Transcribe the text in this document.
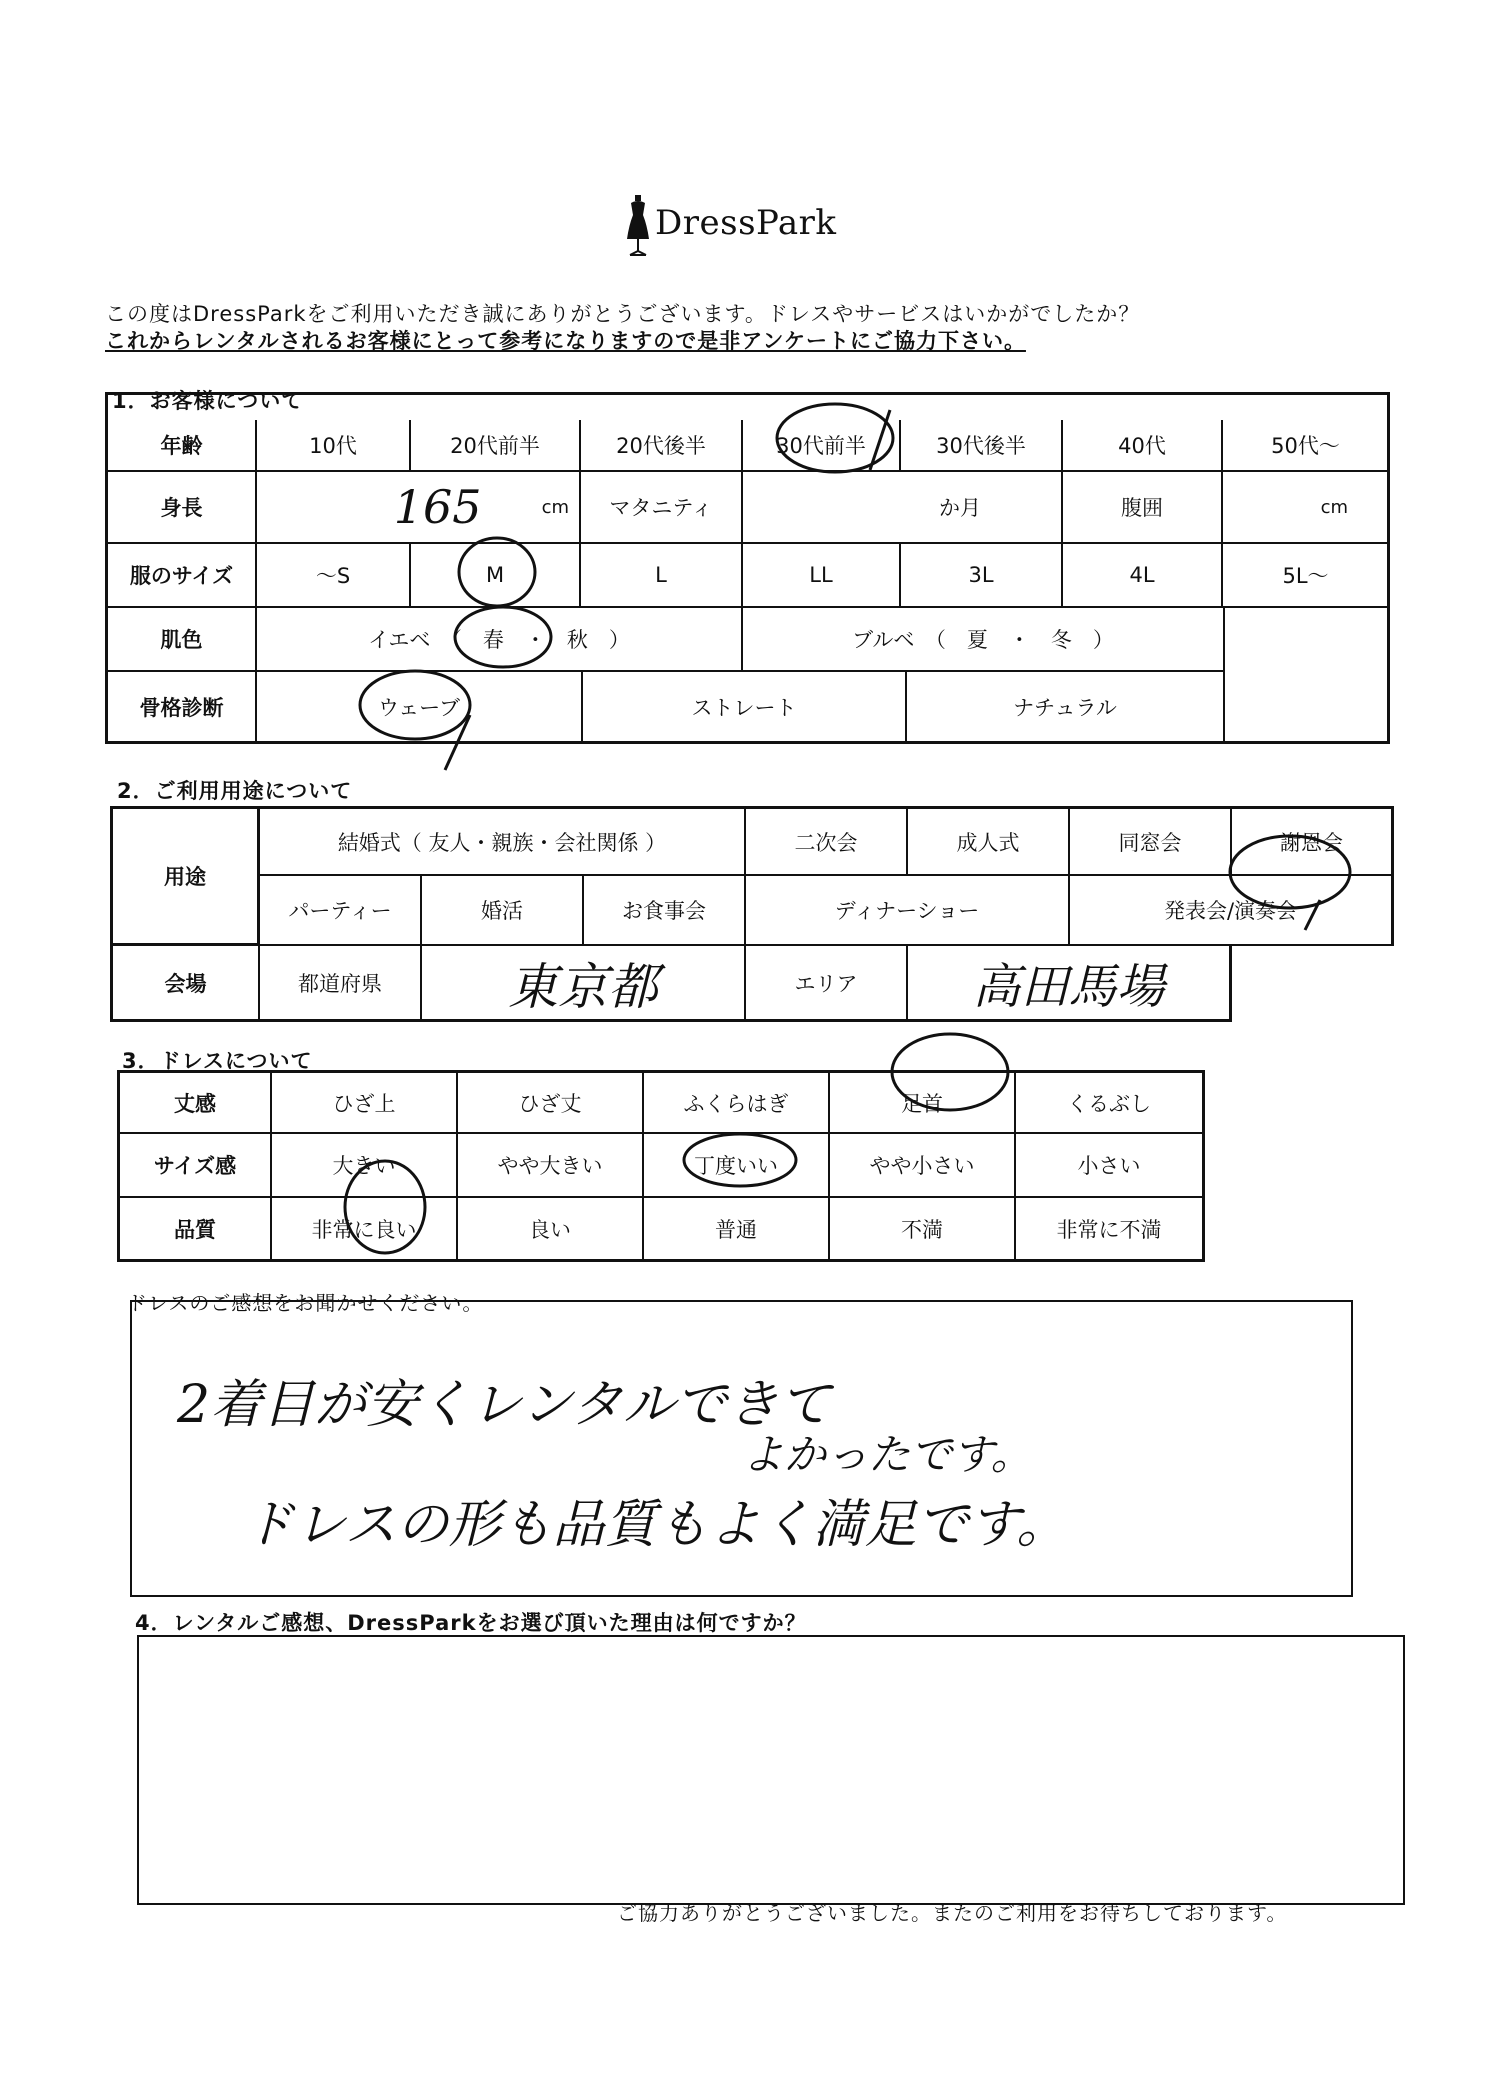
DressPark
この度はDressParkをご利用いただき誠にありがとうございます。ドレスやサービスはいかがでしたか？
これからレンタルされるお客様にとって参考になりますので是非アンケートにご協力下さい。
1．お客様について
年齢	10代	20代前半	20代後半	30代前半	30代後半	40代	50代～
身長	165	cm	マタニティ	か月	腹囲	cm
服のサイズ	～S	M	L	LL	3L	4L	5L～
肌色	イエベ　（　春　・　秋　）	ブルベ　（　夏　・　冬　）
骨格診断	ウェーブ	ストレート	ナチュラル
2．ご利用用途について
用途
結婚式（ 友人・親族・会社関係 ）	二次会	成人式	同窓会	謝恩会
パーティー	婚活	お食事会	ディナーショー	発表会/演奏会
会場	都道府県	東京都	エリア	高田馬場
3．ドレスについて
丈感	ひざ上	ひざ丈	ふくらはぎ	足首	くるぶし
サイズ感	大きい	やや大きい	丁度いい	やや小さい	小さい
品質	非常に良い	良い	普通	不満	非常に不満
ドレスのご感想をお聞かせください。
2着目が安くレンタルできて
よかったです。
ドレスの形も品質もよく満足です。
4．レンタルご感想、DressParkをお選び頂いた理由は何ですか？
ご協力ありがとうございました。またのご利用をお待ちしております。
